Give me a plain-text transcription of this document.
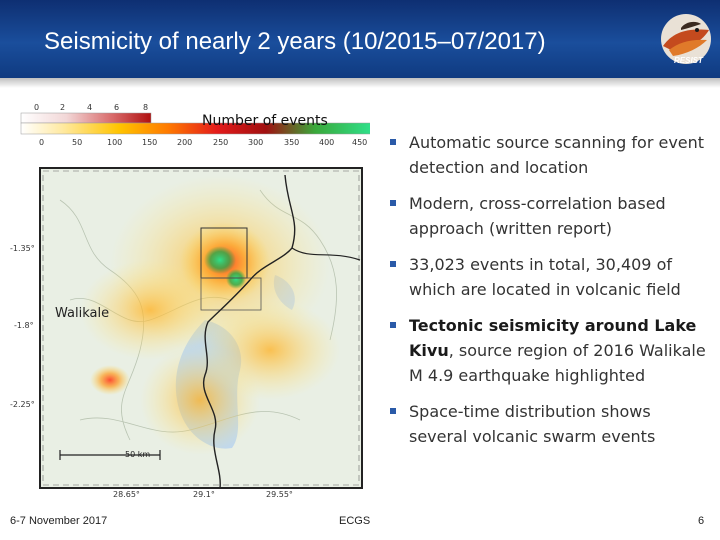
Seismicity of nearly 2 years (10/2015–07/2017)
RESIST
Number of events
0	2	4	6	8
0	50	100 150 200	250 300	350 400 450
-1.35°
-1.8°
-2.25°
28.65°	29.1°	29.55°
Walikale
50 km
Automatic source scanning for event detection and location
Modern, cross-correlation based approach (written report)
33,023 events in total, 30,409 of which are located in volcanic field
Tectonic seismicity around Lake Kivu, source region of 2016 Walikale M 4.9 earthquake highlighted
Space-time distribution shows several volcanic swarm events
6-7 November 2017	ECGS	6
